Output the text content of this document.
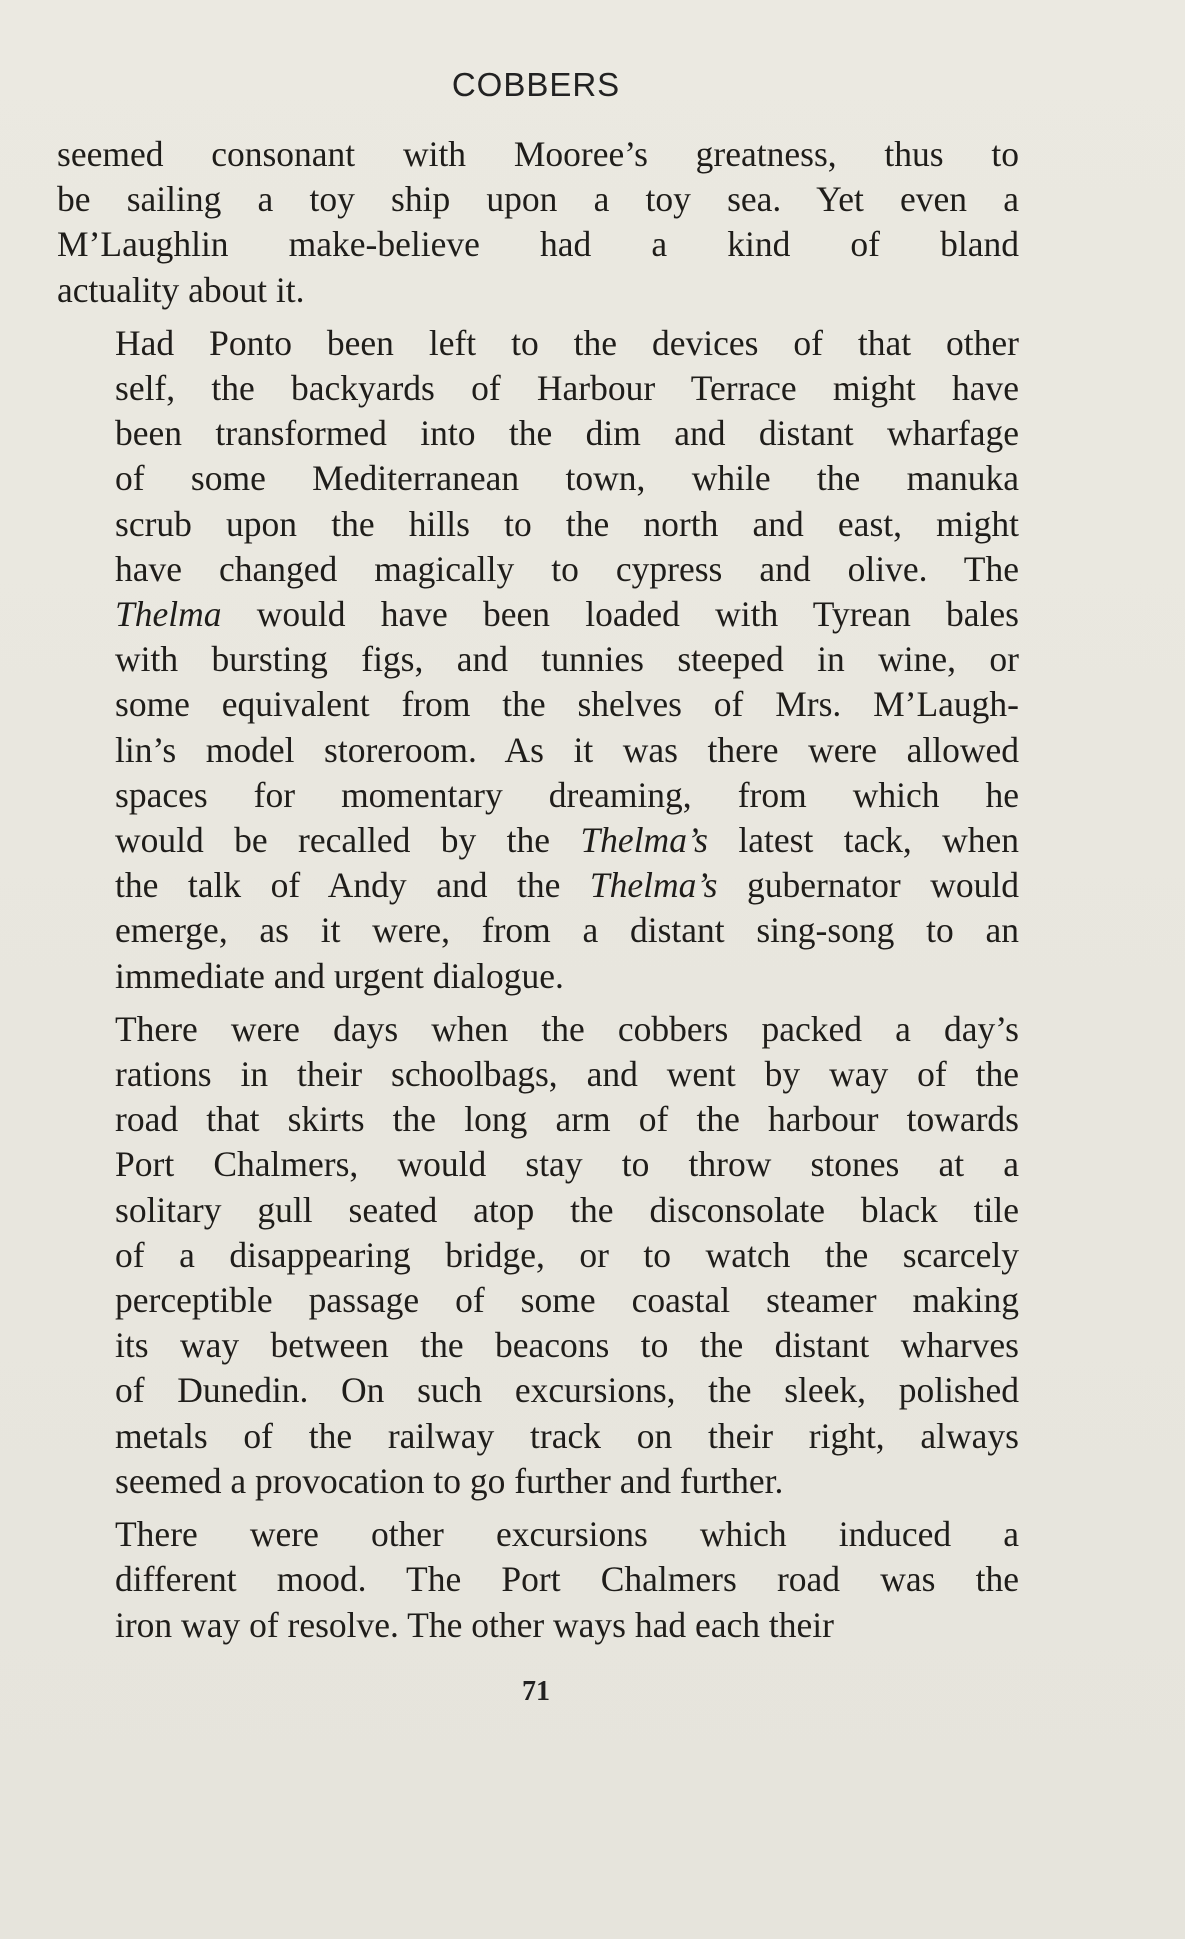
COBBERS

seemed consonant with Mooree’s greatness, thus to
be sailing a toy ship upon a toy sea. Yet even a
M’Laughlin make-believe had a kind of bland
actuality about it.

Had Ponto been left to the devices of that other
self, the backyards of Harbour Terrace might have
been transformed into the dim and distant wharfage
of some Mediterranean town, while the manuka
scrub upon the hills to the north and east, might
have changed magically to cypress and olive. The
Thelma would have been loaded with Tyrean bales
with bursting figs, and tunnies steeped in wine, or
some equivalent from the shelves of Mrs. M’Laugh-
lin’s model storeroom. As it was there were allowed
spaces for momentary dreaming, from which he
would be recalled by the Thelma’s latest tack, when
the talk of Andy and the Thelma’s gubernator would
emerge, as it were, from a distant sing-song to an
immediate and urgent dialogue.

There were days when the cobbers packed a day’s
rations in their schoolbags, and went by way of the
road that skirts the long arm of the harbour towards
Port Chalmers, would stay to throw stones at a
solitary gull seated atop the disconsolate black tile
of a disappearing bridge, or to watch the scarcely
perceptible passage of some coastal steamer making
its way between the beacons to the distant wharves
of Dunedin. On such excursions, the sleek, polished
metals of the railway track on their right, always
seemed a provocation to go further and further.

There were other excursions which induced a
different mood. The Port Chalmers road was the
iron way of resolve. The other ways had each their

71
